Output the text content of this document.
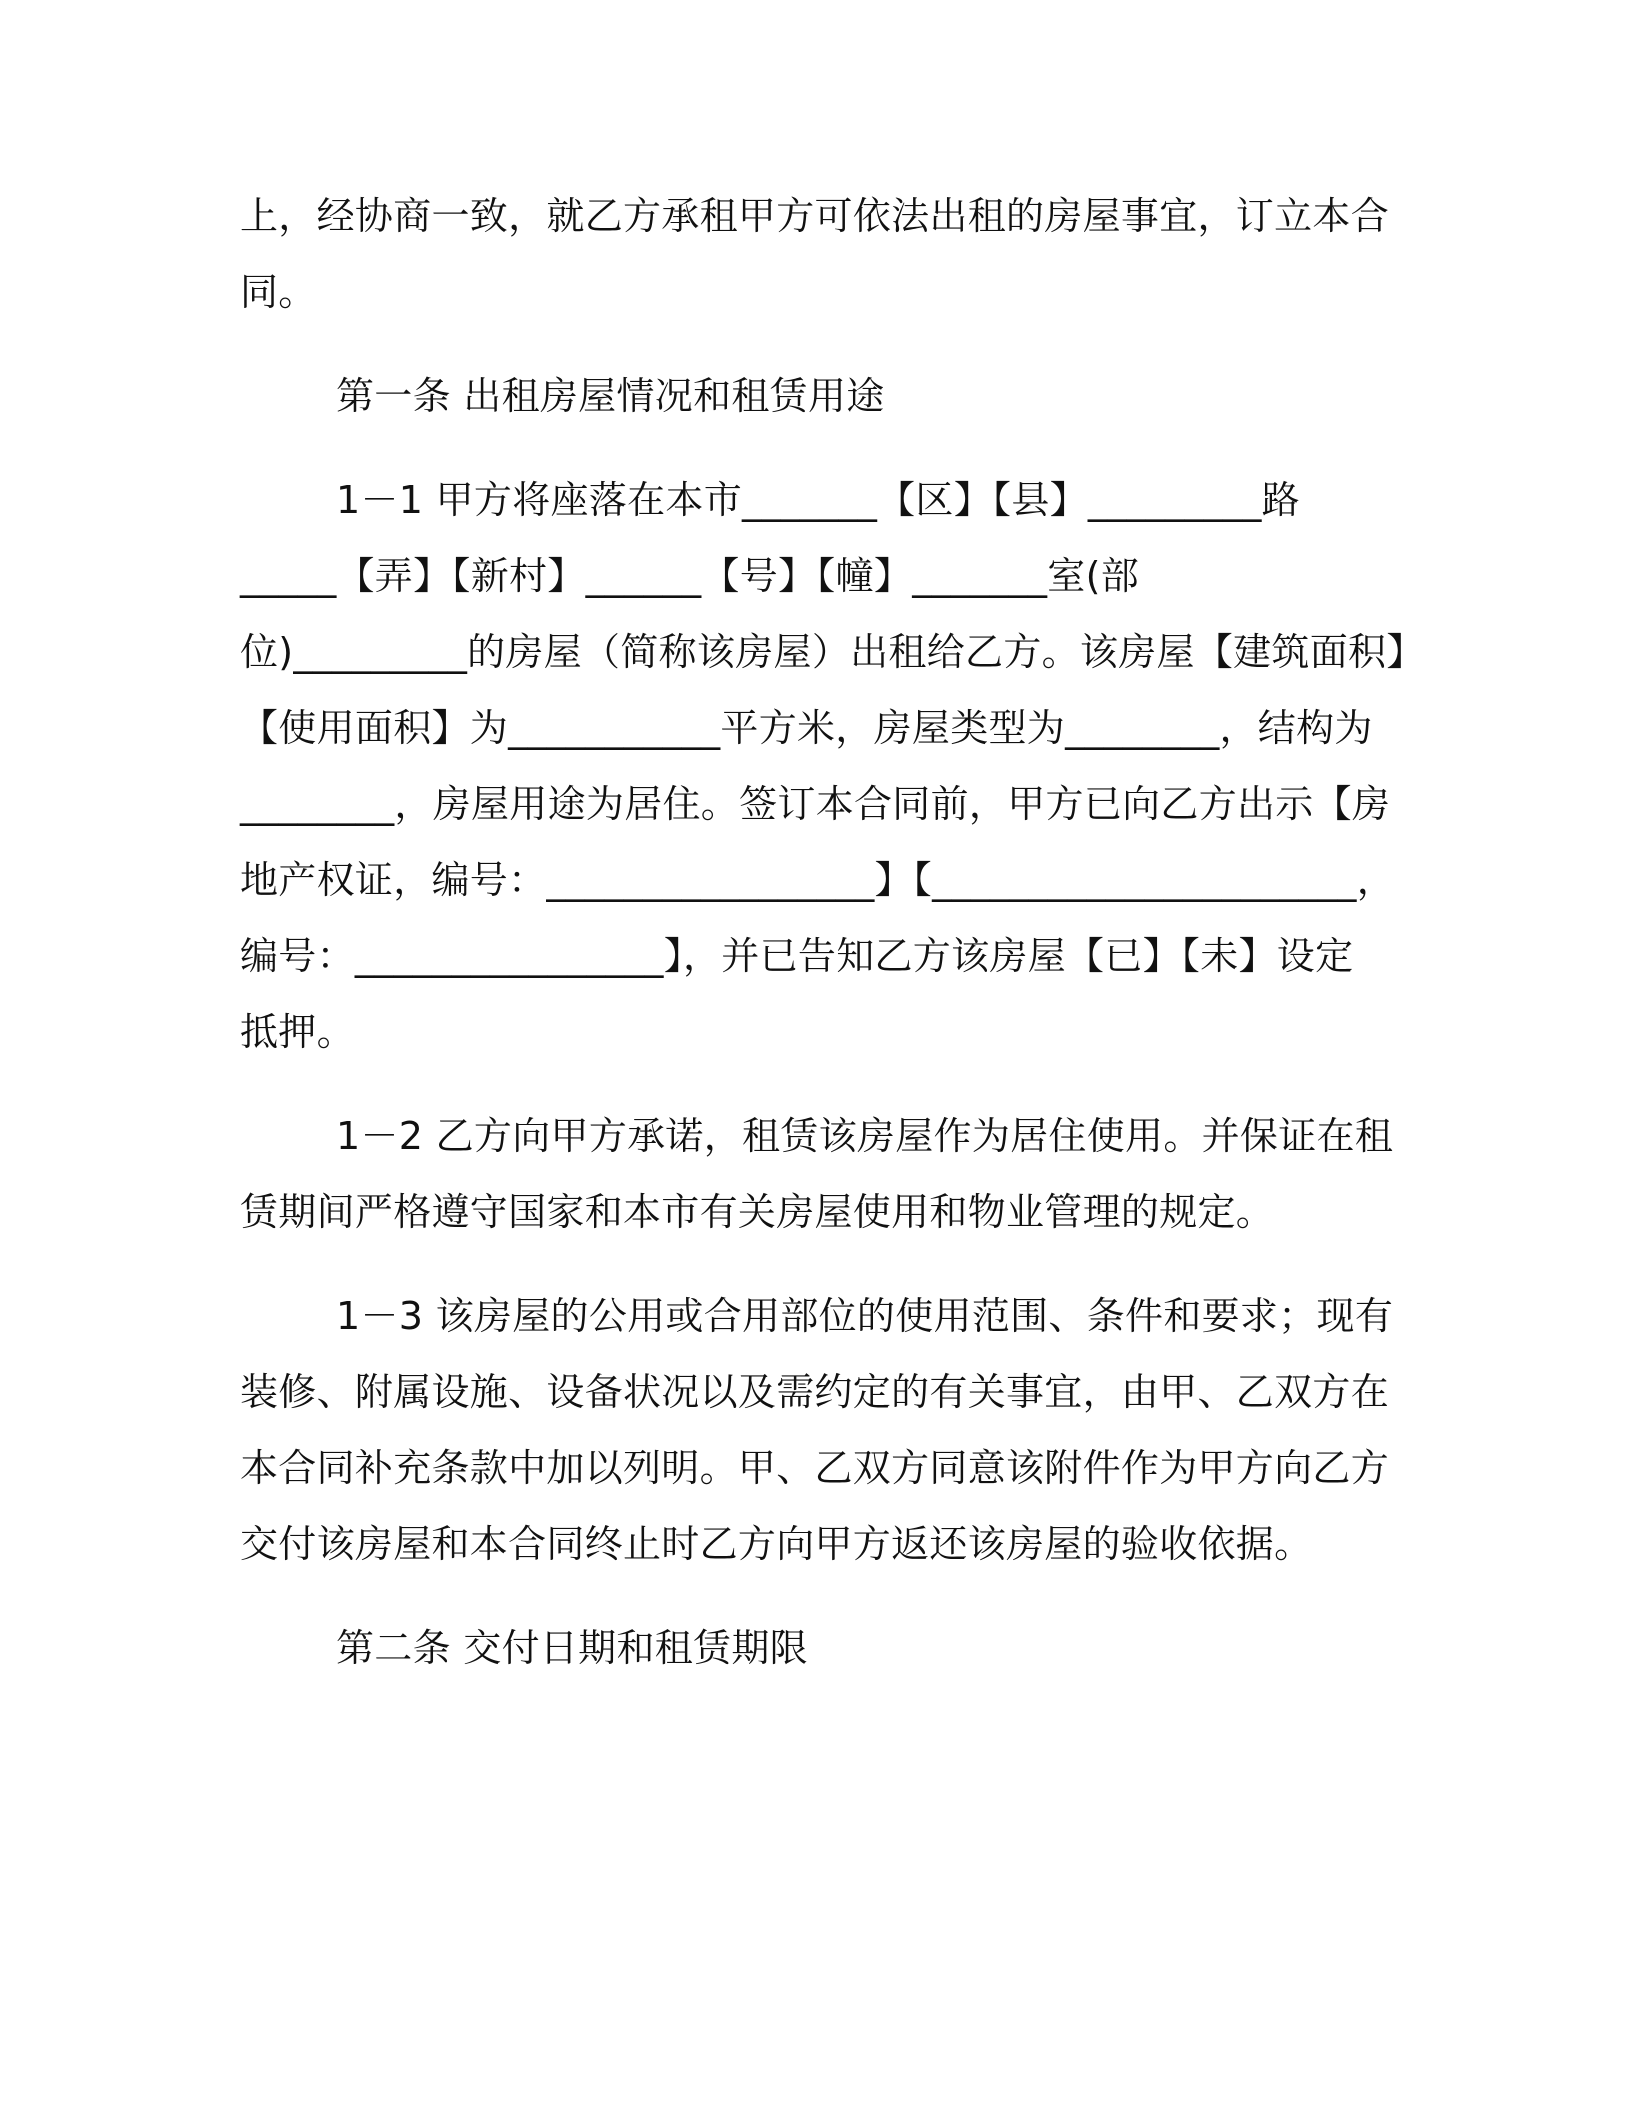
上，经协商一致，就乙方承租甲方可依法出租的房屋事宜，订立本合
同。
第一条 出租房屋情况和租赁用途
1－1 甲方将座落在本市_______【区】【县】_________路
_____【弄】【新村】______【号】【幢】_______室(部
位)_________的房屋（简称该房屋）出租给乙方。该房屋【建筑面积】
【使用面积】为___________平方米，房屋类型为________，结构为
________，房屋用途为居住。签订本合同前，甲方已向乙方出示【房
地产权证，编号：_________________】【______________________，
编号：________________】，并已告知乙方该房屋【已】【未】设定
抵押。
1－2 乙方向甲方承诺，租赁该房屋作为居住使用。并保证在租
赁期间严格遵守国家和本市有关房屋使用和物业管理的规定。
1－3 该房屋的公用或合用部位的使用范围、条件和要求；现有
装修、附属设施、设备状况以及需约定的有关事宜，由甲、乙双方在
本合同补充条款中加以列明。甲、乙双方同意该附件作为甲方向乙方
交付该房屋和本合同终止时乙方向甲方返还该房屋的验收依据。
第二条 交付日期和租赁期限
